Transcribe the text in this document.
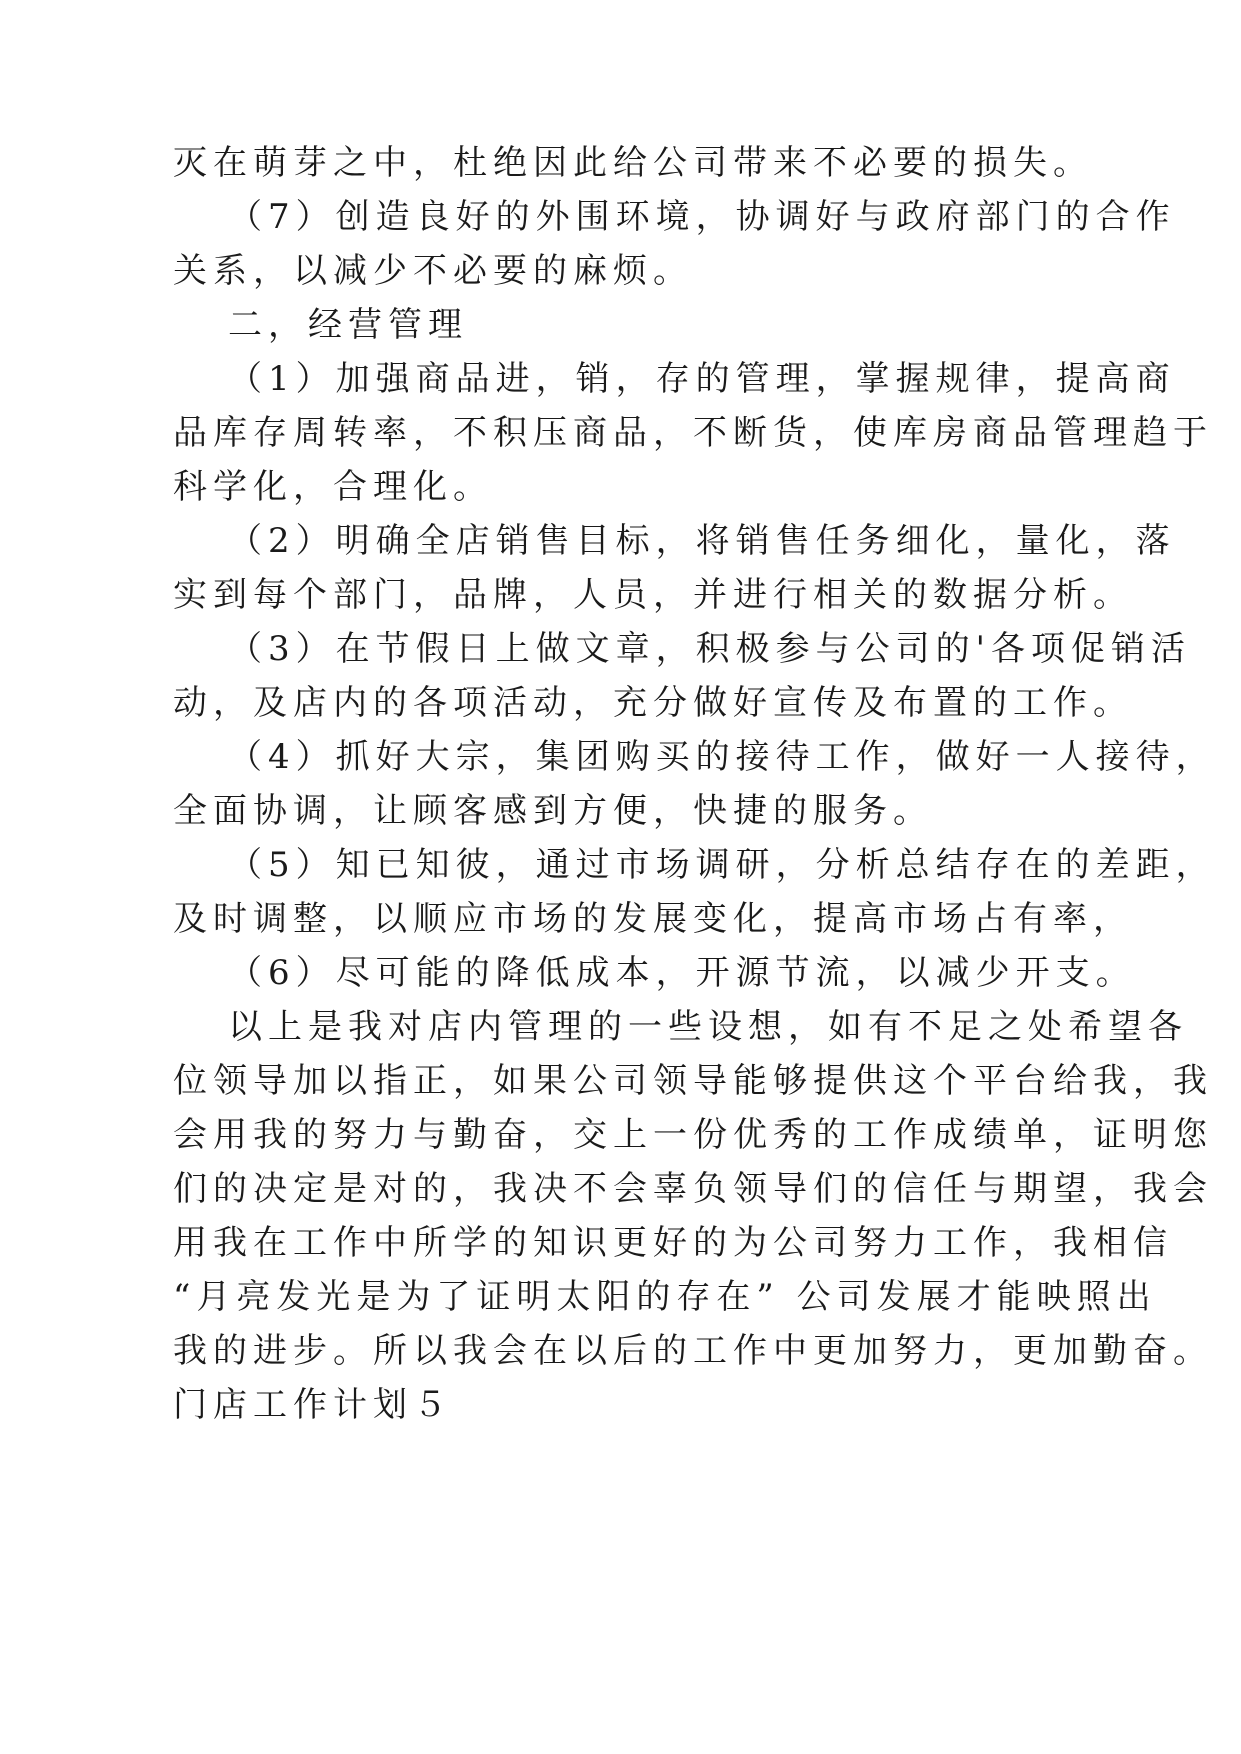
灭在萌芽之中，杜绝因此给公司带来不必要的损失。
（7）创造良好的外围环境，协调好与政府部门的合作
关系，以减少不必要的麻烦。
二，经营管理
（1）加强商品进，销，存的管理，掌握规律，提高商
品库存周转率，不积压商品，不断货，使库房商品管理趋于
科学化，合理化。
（2）明确全店销售目标，将销售任务细化，量化，落
实到每个部门，品牌，人员，并进行相关的数据分析。
（3）在节假日上做文章，积极参与公司的'各项促销活
动，及店内的各项活动，充分做好宣传及布置的工作。
（4）抓好大宗，集团购买的接待工作，做好一人接待，
全面协调，让顾客感到方便，快捷的服务。
（5）知已知彼，通过市场调研，分析总结存在的差距，
及时调整，以顺应市场的发展变化，提高市场占有率，
（6）尽可能的降低成本，开源节流，以减少开支。
以上是我对店内管理的一些设想，如有不足之处希望各
位领导加以指正，如果公司领导能够提供这个平台给我，我
会用我的努力与勤奋，交上一份优秀的工作成绩单，证明您
们的决定是对的，我决不会辜负领导们的信任与期望，我会
用我在工作中所学的知识更好的为公司努力工作，我相信
“月亮发光是为了证明太阳的存在” 公司发展才能映照出
我的进步。所以我会在以后的工作中更加努力，更加勤奋。
门店工作计划５
